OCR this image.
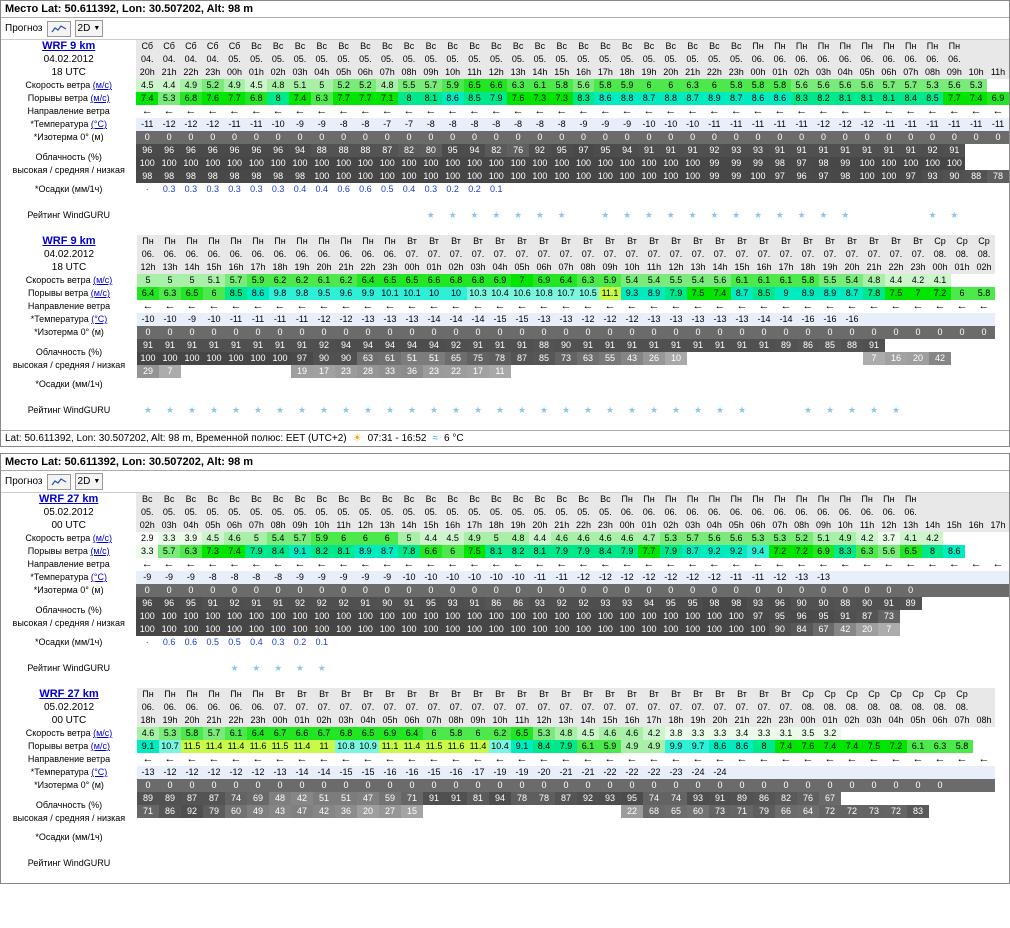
Место Lat: 50.611392, Lon: 30.507202, Alt: 98 m
Прогноз	2D ▼
WRF 9 km
04.02.2012
18 UTC	Сб	Сб	Сб	Сб	Сб	Вс	Вс	Вс	Вс	Вс	Вс	Вс	Вс	Вс	Вс	Вс	Вс	Вс	Вс	Вс	Вс	Вс	Вс	Вс	Вс	Вс	Вс	Вс	Пн	Пн	Пн	Пн	Пн	Пн	Пн	Пн	Пн	Пн		
	04.	04.	04.	04.	05.	05.	05.	05.	05.	05.	05.	05.	05.	05.	05.	05.	05.	05.	05.	05.	05.	05.	05.	05.	05.	05.	05.	05.	06.	06.	06.	06.	06.	06.	06.	06.	06.	06.		
	20h	21h	22h	23h	00h	01h	02h	03h	04h	05h	06h	07h	08h	09h	10h	11h	12h	13h	14h	15h	16h	17h	18h	19h	20h	21h	22h	23h	00h	01h	02h	03h	04h	05h	06h	07h	08h	09h	10h	11h
Скорость ветра (м/с)	4.5	4.4	4.9	5.2	4.9	4.5	4.8	5.1	5	5.2	5.2	4.8	5.5	5.7	5.9	6.5	6.6	6.3	6.1	5.8	5.6	5.8	5.9	6	6	6.3	6	5.8	5.8	5.8	5.6	5.6	5.6	5.6	5.7	5.7	5.3	5.6	5.3	
Порывы ветра (м/с)	7.4	5.3	6.8	7.6	7.7	6.8	8	7.4	6.3	7.7	7.7	7.1	8	8.1	8.6	8.5	7.9	7.6	7.3	7.3	8.3	8.6	8.8	8.7	8.8	8.7	8.9	8.7	8.6	8.6	8.3	8.2	8.1	8.1	8.1	8.4	8.5	7.7	7.4	6.9
Направление ветра	←	←	←	←	←	←	←	←	←	←	←	←	←	←	←	←	←	←	←	←	←	←	←	←	←	←	←	←	←	←	←	←	←	←	←	←	←	←	←	←
*Температура (°C)	-11	-12	-12	-12	-11	-11	-10	-9	-9	-8	-8	-7	-7	-8	-8	-8	-8	-8	-8	-8	-9	-9	-9	-10	-10	-10	-11	-11	-11	-11	-11	-12	-12	-12	-11	-11	-11	-11	-11	-11
*Изотерма 0° (м)	0	0	0	0	0	0	0	0	0	0	0	0	0	0	0	0	0	0	0	0	0	0	0	0	0	0	0	0	0	0	0	0	0	0	0	0	0	0	0	0
Облачность (%)
высокая / средняя / низкая	96	96	96	96	96	96	96	94	88	88	88	87	82	80	95	94	82	76	92	95	97	95	94	91	91	91	92	93	93	91	91	91	91	91	91	91	92	91		
	100	100	100	100	100	100	100	100	100	100	100	100	100	100	100	100	100	100	100	100	100	100	100	100	100	100	99	99	99	98	97	98	99	100	100	100	100	100		
	98	98	98	98	98	98	98	98	100	100	100	100	100	100	100	100	100	100	100	100	100	100	100	100	100	100	99	99	100	97	96	97	98	100	100	97	93	90	88	78
*Осадки (мм/1ч)	·	0.3	0.3	0.3	0.3	0.3	0.3	0.4	0.4	0.6	0.6	0.5	0.4	0.3	0.2	0.2	0.1																							

Рейтинг WindGURU														★	★	★	★	★	★	★		★	★	★	★	★	★	★	★	★	★	★	★				★	★		

WRF 9 km
04.02.2012
18 UTC	Пн	Пн	Пн	Пн	Пн	Пн	Пн	Пн	Пн	Пн	Пн	Пн	Вт	Вт	Вт	Вт	Вт	Вт	Вт	Вт	Вт	Вт	Вт	Вт	Вт	Вт	Вт	Вт	Вт	Вт	Вт	Вт	Вт	Вт	Вт	Вт	Ср	Ср	Ср
	06.	06.	06.	06.	06.	06.	06.	06.	06.	06.	06.	06.	07.	07.	07.	07.	07.	07.	07.	07.	07.	07.	07.	07.	07.	07.	07.	07.	07.	07.	07.	07.	07.	07.	07.	07.	08.	08.	08.
	12h	13h	14h	15h	16h	17h	18h	19h	20h	21h	22h	23h	00h	01h	02h	03h	04h	05h	06h	07h	08h	09h	10h	11h	12h	13h	14h	15h	16h	17h	18h	19h	20h	21h	22h	23h	00h	01h	02h
Скорость ветра (м/с)	5	5	5	5.1	5.7	5.9	6.2	6.2	6.1	6.2	6.4	6.5	6.5	6.6	6.8	6.8	6.9	7	6.9	6.4	6.3	5.9	5.4	5.4	5.5	5.4	5.6	6.1	6.1	6.1	5.8	5.5	5.4	4.8	4.4	4.2	4.1		
Порывы ветра (м/с)	6.4	6.3	6.5	6	8.5	8.6	9.8	9.8	9.5	9.6	9.9	10.1	10.1	10	10	10.3	10.4	10.6	10.8	10.7	10.5	11.1	9.3	8.9	7.9	7.5	7.4	8.7	8.5	9	8.9	8.9	8.7	7.8	7.5	7	7.2	6	5.8
Направление ветра	←	←	←	←	←	←	←	←	←	←	←	←	←	←	←	←	←	←	←	←	←	←	←	←	←	←	←	←	←	←	←	←	←	←	←	←	←	←	←
*Температура (°C)	-10	-10	-9	-10	-11	-11	-11	-11	-12	-12	-13	-13	-13	-14	-14	-14	-15	-15	-13	-13	-12	-12	-12	-13	-13	-13	-13	-13	-14	-14	-16	-16	-16						
*Изотерма 0° (м)	0	0	0	0	0	0	0	0	0	0	0	0	0	0	0	0	0	0	0	0	0	0	0	0	0	0	0	0	0	0	0	0	0	0	0	0	0	0	0
Облачность (%)
высокая / средняя / низкая	91	91	91	91	91	91	91	91	92	94	94	94	94	94	92	91	91	91	88	90	91	91	91	91	91	91	91	91	91	89	86	85	88	91					
	100	100	100	100	100	100	100	97	90	90	63	61	51	51	65	75	78	87	85	73	63	55	43	26	10									7	16	20	42		
	29	7						19	17	23	28	33	36	23	22	17	11																						
*Осадки (мм/1ч)																																							

Рейтинг WindGURU	★	★	★	★	★	★	★	★	★	★	★	★	★	★	★	★	★	★	★	★	★	★	★	★	★	★	★	★			★	★	★	★	★				

Lat: 50.611392, Lon: 30.507202, Alt: 98 m, Временной полюс: EET (UTC+2) ☀ 07:31 - 16:52 ≈ 6 °C
Место Lat: 50.611392, Lon: 30.507202, Alt: 98 m
Прогноз	2D ▼
WRF 27 km
05.02.2012
00 UTC	Вс	Вс	Вс	Вс	Вс	Вс	Вс	Вс	Вс	Вс	Вс	Вс	Вс	Вс	Вс	Вс	Вс	Вс	Вс	Вс	Вс	Вс	Пн	Пн	Пн	Пн	Пн	Пн	Пн	Пн	Пн	Пн	Пн	Пн	Пн	Пн				
	05.	05.	05.	05.	05.	05.	05.	05.	05.	05.	05.	05.	05.	05.	05.	05.	05.	05.	05.	05.	05.	05.	06.	06.	06.	06.	06.	06.	06.	06.	06.	06.	06.	06.	06.	06.				
	02h	03h	04h	05h	06h	07h	08h	09h	10h	11h	12h	13h	14h	15h	16h	17h	18h	19h	20h	21h	22h	23h	00h	01h	02h	03h	04h	05h	06h	07h	08h	09h	10h	11h	12h	13h	14h	15h	16h	17h
Скорость ветра (м/с)	2.9	3.3	3.9	4.5	4.6	5	5.4	5.7	5.9	6	6	6	5	4.4	4.5	4.9	5	4.8	4.4	4.6	4.6	4.6	4.6	4.7	5.3	5.7	5.6	5.6	5.3	5.3	5.2	5.1	4.9	4.2	3.7	4.1	4.2			
Порывы ветра (м/с)	3.3	5.7	6.3	7.3	7.4	7.9	8.4	9.1	8.2	8.1	8.9	8.7	7.8	6.6	6	7.5	8.1	8.2	8.1	7.9	7.9	8.4	7.9	7.7	7.9	8.7	9.2	9.2	9.4	7.2	7.2	6.9	8.3	6.3	5.6	6.5	8	8.6		
Направление ветра	←	←	←	←	←	←	←	←	←	←	←	←	←	←	←	←	←	←	←	←	←	←	←	←	←	←	←	←	←	←	←	←	←	←	←	←	←	←	←	←
*Температура (°C)	-9	-9	-9	-8	-8	-8	-8	-9	-9	-9	-9	-9	-10	-10	-10	-10	-10	-10	-11	-11	-12	-12	-12	-12	-12	-12	-12	-11	-11	-12	-13	-13								
*Изотерма 0° (м)	0	0	0	0	0	0	0	0	0	0	0	0	0	0	0	0	0	0	0	0	0	0	0	0	0	0	0	0	0	0	0	0	0	0	0	0				
Облачность (%)
высокая / средняя / низкая	96	96	95	91	92	91	91	92	92	92	91	90	91	95	93	91	86	86	93	92	92	93	93	94	95	95	98	98	93	96	90	90	88	90	91	89				
	100	100	100	100	100	100	100	100	100	100	100	100	100	100	100	100	100	100	100	100	100	100	100	100	100	100	100	100	97	95	96	95	91	87	73					
	100	100	100	100	100	100	100	100	100	100	100	100	100	100	100	100	100	100	100	100	100	100	100	100	100	100	100	100	100	90	84	67	42	20	7					
*Осадки (мм/1ч)	·	0.6	0.6	0.5	0.5	0.4	0.3	0.2	0.1																															

Рейтинг WindGURU					★	★	★	★	★																															

WRF 27 km
05.02.2012
00 UTC	Пн	Пн	Пн	Пн	Пн	Пн	Вт	Вт	Вт	Вт	Вт	Вт	Вт	Вт	Вт	Вт	Вт	Вт	Вт	Вт	Вт	Вт	Вт	Вт	Вт	Вт	Вт	Вт	Вт	Вт	Ср	Ср	Ср	Ср	Ср	Ср	Ср	Ср	
	06.	06.	06.	06.	06.	06.	07.	07.	07.	07.	07.	07.	07.	07.	07.	07.	07.	07.	07.	07.	07.	07.	07.	07.	07.	07.	07.	07.	07.	07.	08.	08.	08.	08.	08.	08.	08.	08.	
	18h	19h	20h	21h	22h	23h	00h	01h	02h	03h	04h	05h	06h	07h	08h	09h	10h	11h	12h	13h	14h	15h	16h	17h	18h	19h	20h	21h	22h	23h	00h	01h	02h	03h	04h	05h	06h	07h	08h
Скорость ветра (м/с)	4.6	5.3	5.8	5.7	6.1	6.4	6.7	6.6	6.7	6.8	6.5	6.9	6.4	6	5.8	6	6.2	6.5	5.3	4.8	4.5	4.6	4.6	4.2	3.8	3.3	3.3	3.4	3.3	3.1	3.5	3.2							
Порывы ветра (м/с)	9.1	10.7	11.5	11.4	11.4	11.6	11.5	11.4	11	10.8	10.9	11.1	11.4	11.5	11.6	11.4	10.4	9.1	8.4	7.9	6.1	5.9	4.9	4.9	9.9	9.7	8.6	8.6	8	7.4	7.6	7.4	7.4	7.5	7.2	6.1	6.3	5.8	
Направление ветра	←	←	←	←	←	←	←	←	←	←	←	←	←	←	←	←	←	←	←	←	←	←	←	←	←	←	←	←	←	←	←	←	←	←	←	←	←	←	←
*Температура (°C)	-13	-12	-12	-12	-12	-12	-13	-14	-14	-15	-15	-16	-16	-15	-16	-17	-19	-19	-20	-21	-21	-22	-22	-22	-23	-24	-24												
*Изотерма 0° (м)	0	0	0	0	0	0	0	0	0	0	0	0	0	0	0	0	0	0	0	0	0	0	0	0	0	0	0	0	0	0	0	0	0	0	0	0	0		
Облачность (%)
высокая / средняя / низкая	89	89	87	87	74	69	48	42	51	51	47	59	71	91	91	81	94	78	78	87	92	93	95	74	74	93	91	89	86	82	76	67							
	71	86	92	79	60	49	43	47	42	36	20	27	15										22	68	65	60	73	71	79	66	64	72	72	73	72	83			

*Осадки (мм/1ч)																																							

Рейтинг WindGURU																																							
